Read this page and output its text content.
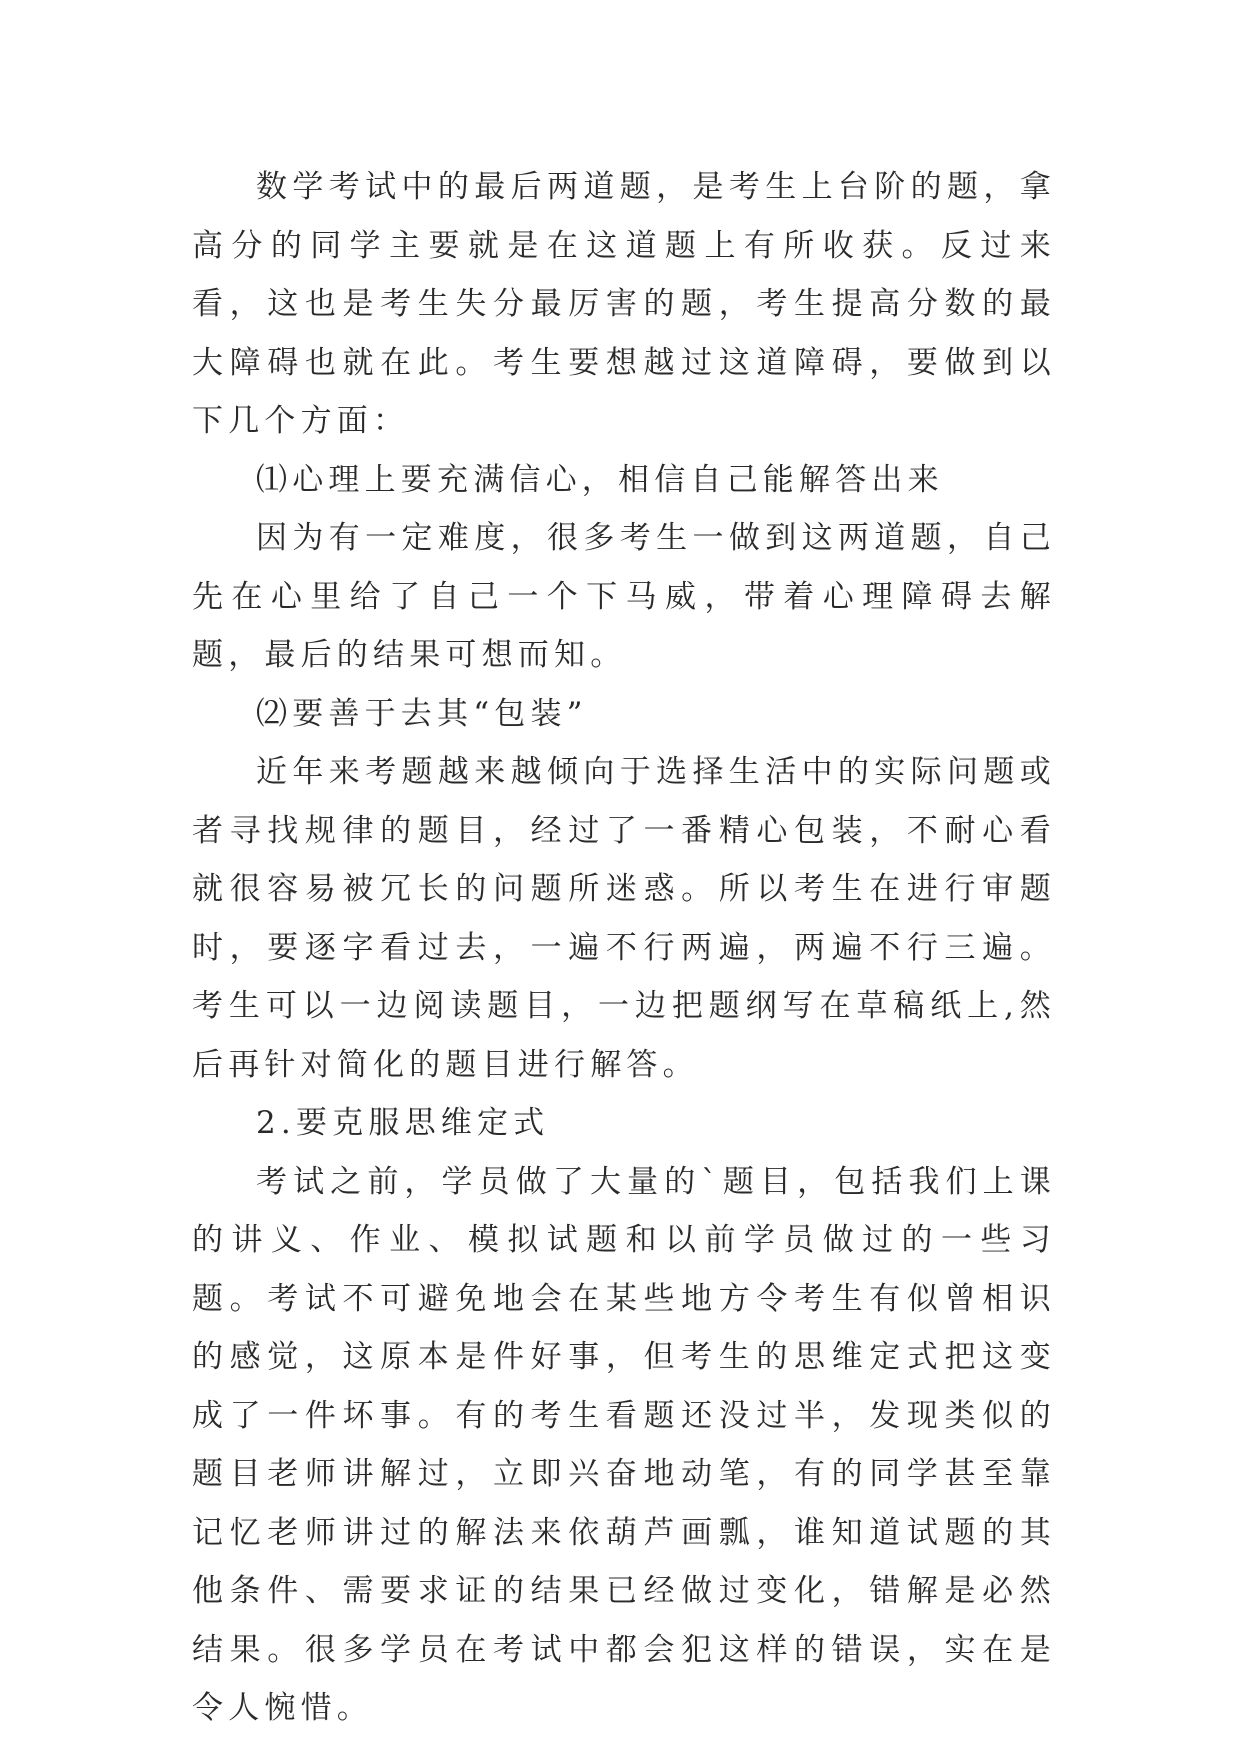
数学考试中的最后两道题，是考生上台阶的题，拿高分的同学主要就是在这道题上有所收获。反过来看，这也是考生失分最厉害的题，考生提高分数的最大障碍也就在此。考生要想越过这道障碍，要做到以下几个方面：

⑴心理上要充满信心，相信自己能解答出来

因为有一定难度，很多考生一做到这两道题，自己先在心里给了自己一个下马威，带着心理障碍去解题，最后的结果可想而知。

⑵要善于去其“包装”

近年来考题越来越倾向于选择生活中的实际问题或者寻找规律的题目，经过了一番精心包装，不耐心看就很容易被冗长的问题所迷惑。所以考生在进行审题时，要逐字看过去，一遍不行两遍，两遍不行三遍。考生可以一边阅读题目，一边把题纲写在草稿纸上,然后再针对简化的题目进行解答。

2.要克服思维定式

考试之前，学员做了大量的`题目，包括我们上课的讲义、作业、模拟试题和以前学员做过的一些习题。考试不可避免地会在某些地方令考生有似曾相识的感觉，这原本是件好事，但考生的思维定式把这变成了一件坏事。有的考生看题还没过半，发现类似的题目老师讲解过，立即兴奋地动笔，有的同学甚至靠记忆老师讲过的解法来依葫芦画瓢，谁知道试题的其他条件、需要求证的结果已经做过变化，错解是必然结果。很多学员在考试中都会犯这样的错误，实在是令人惋惜。
